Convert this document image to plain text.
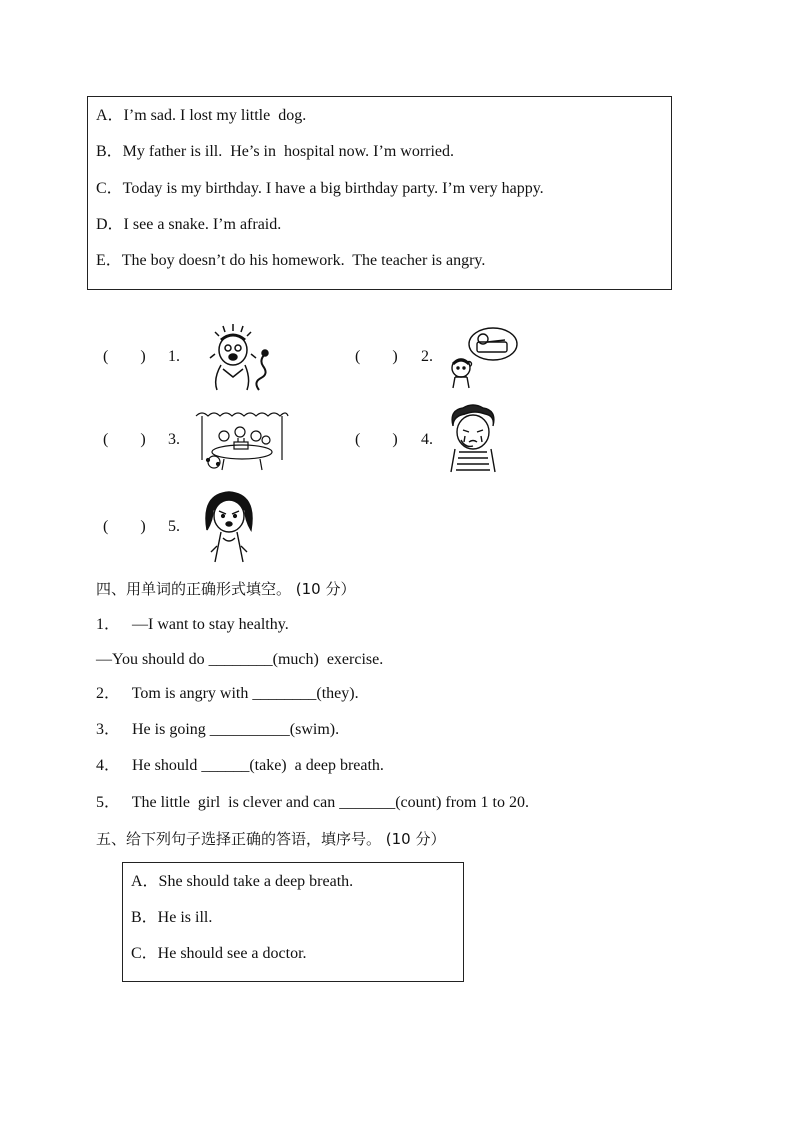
A．I’m sad. I lost my little  dog.
B．My father is ill.  He’s in  hospital now. I’m worried.
C．Today is my birthday. I have a big birthday party. I’m very happy.
D．I see a snake. I’m afraid.
E．The boy doesn’t do his homework.  The teacher is angry.
(　　) 1.	(　　) 2.
(　　) 3.	(　　) 4.
(　　) 5.
四、用单词的正确形式填空。 (10 分）
1．   —I want to stay healthy.
—You should do ________(much)  exercise.
2．   Tom is angry with ________(they).
3．   He is going __________(swim).
4．   He should ______(take)  a deep breath.
5．   The little  girl  is clever and can _______(count) from 1 to 20.
五、给下列句子选择正确的答语，填序号。 (10 分）
A．She should take a deep breath.
B．He is ill.
C．He should see a doctor.
